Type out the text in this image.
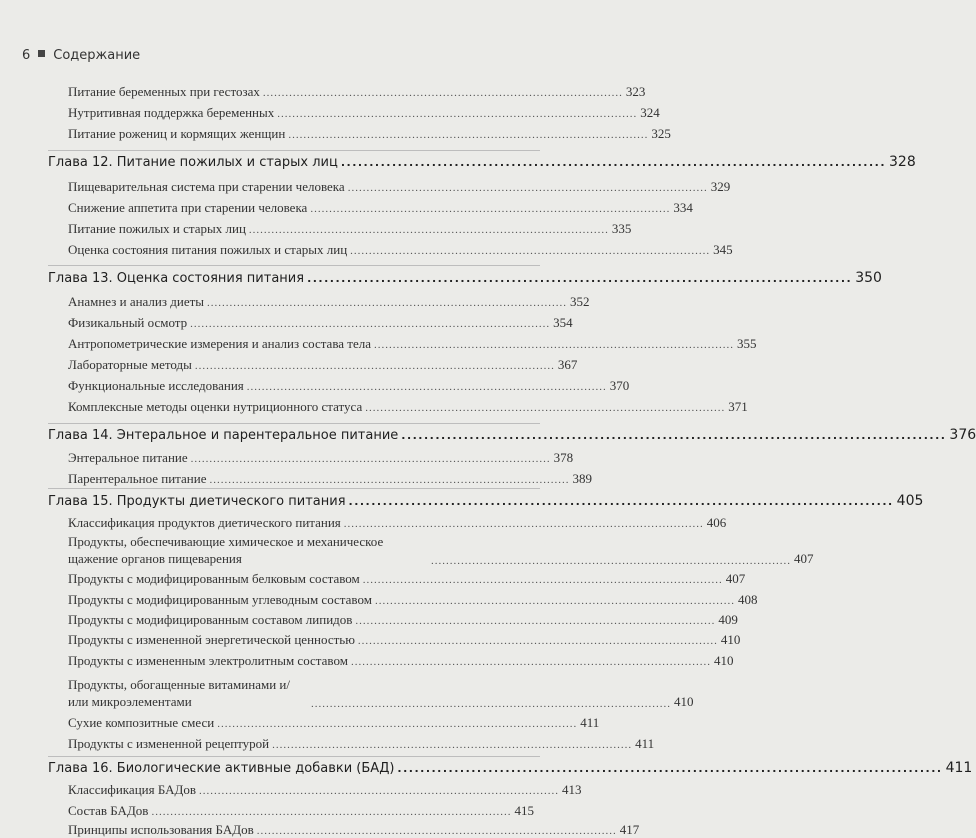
6 Содержание
Питание беременных при гестозах ................................................................................................ 323
Нутритивная поддержка беременных ................................................................................................ 324
Питание рожениц и кормящих женщин ................................................................................................ 325
Глава 12. Питание пожилых и старых лиц ................................................................................................ 328
Пищеварительная система при старении человека ................................................................................................ 329
Снижение аппетита при старении человека ................................................................................................ 334
Питание пожилых и старых лиц ................................................................................................ 335
Оценка состояния питания пожилых и старых лиц ................................................................................................ 345
Глава 13. Оценка состояния питания ................................................................................................ 350
Анамнез и анализ диеты ................................................................................................ 352
Физикальный осмотр ................................................................................................ 354
Антропометрические измерения и анализ состава тела ................................................................................................ 355
Лабораторные методы ................................................................................................ 367
Функциональные исследования ................................................................................................ 370
Комплексные методы оценки нутриционного статуса ................................................................................................ 371
Глава 14. Энтеральное и парентеральное питание ................................................................................................ 376
Энтеральное питание ................................................................................................ 378
Парентеральное питание ................................................................................................ 389
Глава 15. Продукты диетического питания ................................................................................................ 405
Классификация продуктов диетического питания ................................................................................................ 406
Продукты, обеспечивающие химическое и механическое щажение органов пищеварения	................................................................................................ 407
Продукты с модифицированным белковым составом ................................................................................................ 407
Продукты с модифицированным углеводным составом ................................................................................................ 408
Продукты с модифицированным составом липидов ................................................................................................ 409
Продукты с измененной энергетической ценностью ................................................................................................ 410
Продукты с измененным электролитным составом ................................................................................................ 410
Продукты, обогащенные витаминами и/или микроэлементами	................................................................................................ 410
Сухие композитные смеси ................................................................................................ 411
Продукты с измененной рецептурой ................................................................................................ 411
Глава 16. Биологические активные добавки (БАД) ................................................................................................ 411
Классификация БАДов ................................................................................................ 413
Состав БАДов ................................................................................................ 415
Принципы использования БАДов ................................................................................................ 417
